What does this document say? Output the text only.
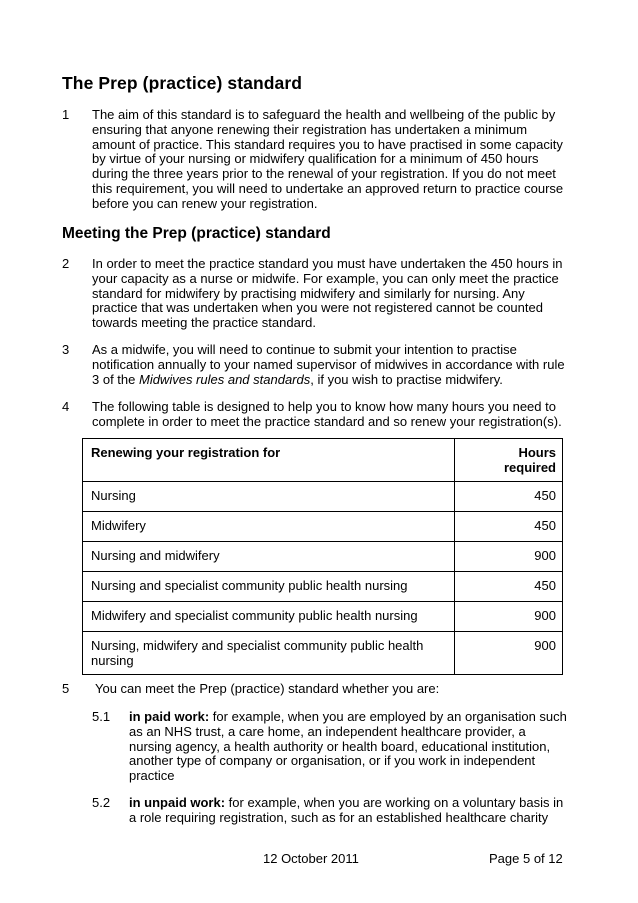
The Prep (practice) standard
1 The aim of this standard is to safeguard the health and wellbeing of the public by ensuring that anyone renewing their registration has undertaken a minimum amount of practice. This standard requires you to have practised in some capacity by virtue of your nursing or midwifery qualification for a minimum of 450 hours during the three years prior to the renewal of your registration. If you do not meet this requirement, you will need to undertake an approved return to practice course before you can renew your registration.
Meeting the Prep (practice) standard
2 In order to meet the practice standard you must have undertaken the 450 hours in your capacity as a nurse or midwife. For example, you can only meet the practice standard for midwifery by practising midwifery and similarly for nursing. Any practice that was undertaken when you were not registered cannot be counted towards meeting the practice standard.
3 As a midwife, you will need to continue to submit your intention to practise notification annually to your named supervisor of midwives in accordance with rule 3 of the Midwives rules and standards, if you wish to practise midwifery.
4 The following table is designed to help you to know how many hours you need to complete in order to meet the practice standard and so renew your registration(s).
Renewing your registration for	Hours required
Nursing	450
Midwifery	450
Nursing and midwifery	900
Nursing and specialist community public health nursing	450
Midwifery and specialist community public health nursing	900
Nursing, midwifery and specialist community public health nursing	900
5 You can meet the Prep (practice) standard whether you are:
5.1 in paid work: for example, when you are employed by an organisation such as an NHS trust, a care home, an independent healthcare provider, a nursing agency, a health authority or health board, educational institution, another type of company or organisation, or if you work in independent practice
5.2 in unpaid work: for example, when you are working on a voluntary basis in a role requiring registration, such as for an established healthcare charity
12 October 2011	Page 5 of 12
